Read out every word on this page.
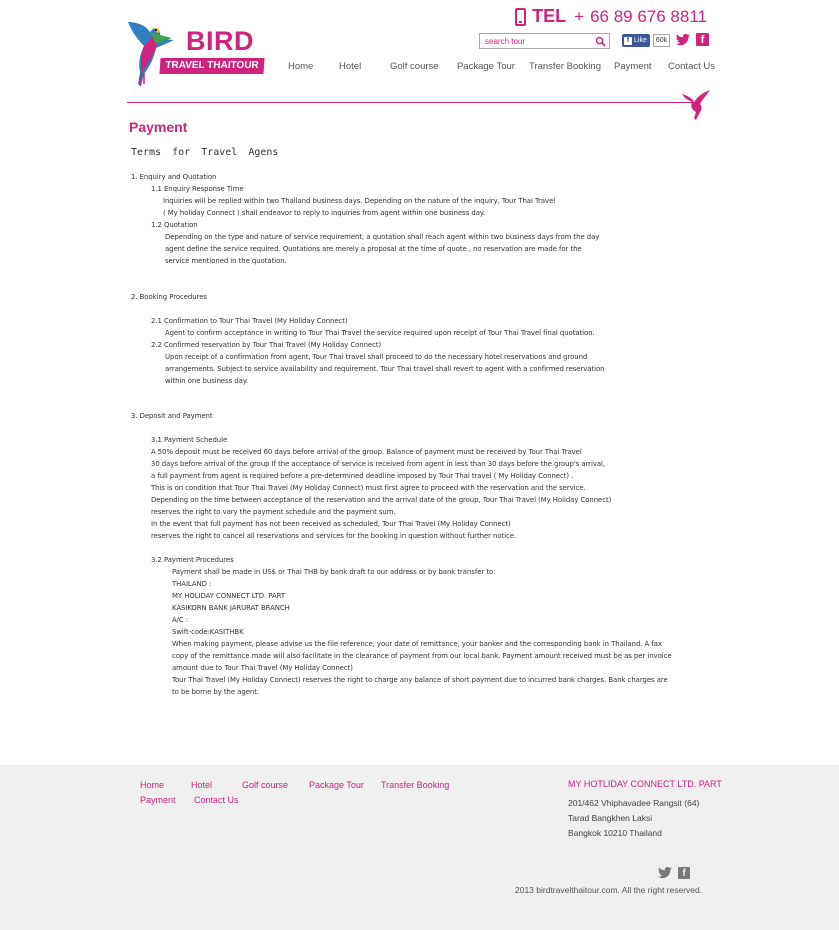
BIRD
TRAVEL THAITOUR
TEL + 66 89 676 8811
search tour
f Like	60k	f
Home	Hotel	Golf course Package Tour Transfer Booking Payment Contact Us
Payment
Terms for Travel Agens
1. Enquiry and Quotation
1.1 Enquiry Response Time
Inquiries will be replied within two Thailand business days. Depending on the nature of the inquiry, Tour Thai Travel
( My holiday Connect ) shall endeavor to reply to inquiries from agent within one business day.
1.2 Quotation
Depending on the type and nature of service requirement, a quotation shall reach agent within two business days from the day
agent define the service required. Quotations are merely a proposal at the time of quote , no reservation are made for the
service mentioned in the quotation.
2. Booking Procedures
2.1 Confirmation to Tour Thai Travel (My Holiday Connect)
Agent to confirm acceptance in writing to Tour Thai Travel the service required upon receipt of Tour Thai Travel final quotation.
2.2 Confirmed reservation by Tour Thai Travel (My Holiday Connect)
Upon receipt of a confirmation from agent, Tour Thai travel shall proceed to do the necessary hotel reservations and ground
arrangements. Subject to service availability and requirement. Tour Thai travel shall revert to agent with a confirmed reservation
within one business day.
3. Deposit and Payment
3.1 Payment Schedule
A 50% deposit must be received 60 days before arrival of the group. Balance of payment must be received by Tour Thai Travel
30 days before arrival of the group If the acceptance of service is received from agent in less than 30 days before the group's arrival,
a full payment from agent is required before a pre-determined deadline imposed by Tour Thai travel ( My Holiday Connect) .
This is on condition that Tour Thai Travel (My Holiday Connect) must first agree to proceed with the reservation and the service.
Depending on the time between acceptance of the reservation and the arrival date of the group, Tour Thai Travel (My Holiday Connect)
reserves the right to vary the payment schedule and the payment sum.
In the event that full payment has not been received as scheduled, Tour Thai Travel (My Holiday Connect)
reserves the right to cancel all reservations and services for the booking in question without further notice.
3.2 Payment Procedures
Payment shall be made in US$ or Thai THB by bank draft to our address or by bank transfer to:
THAILAND :
MY HOLIDAY CONNECT LTD. PART
KASIKORN BANK JARURAT BRANCH
A/C :
Swift-code:KASITHBK
When making payment, please advise us the file reference, your date of remittance, your banker and the corresponding bank in Thailand. A fax
copy of the remittance made will also facilitate in the clearance of payment from our local bank. Payment amount received must be as per invoice
amount due to Tour Thai Travel (My Holiday Connect)
Tour Thai Travel (My Holiday Connect) reserves the right to charge any balance of short payment due to incurred bank charges. Bank charges are
to be borne by the agent.
Home	Hotel	Golf course Package Tour Transfer Booking
Payment Contact Us
MY HOTLIDAY CONNECT LTD. PART
201/462 Vhiphavadee Rangsit (64)
Tarad Bangkhen Laksi
Bangkok 10210 Thailand
f
2013 birdtravelthaitour.com. All the right reserved.
